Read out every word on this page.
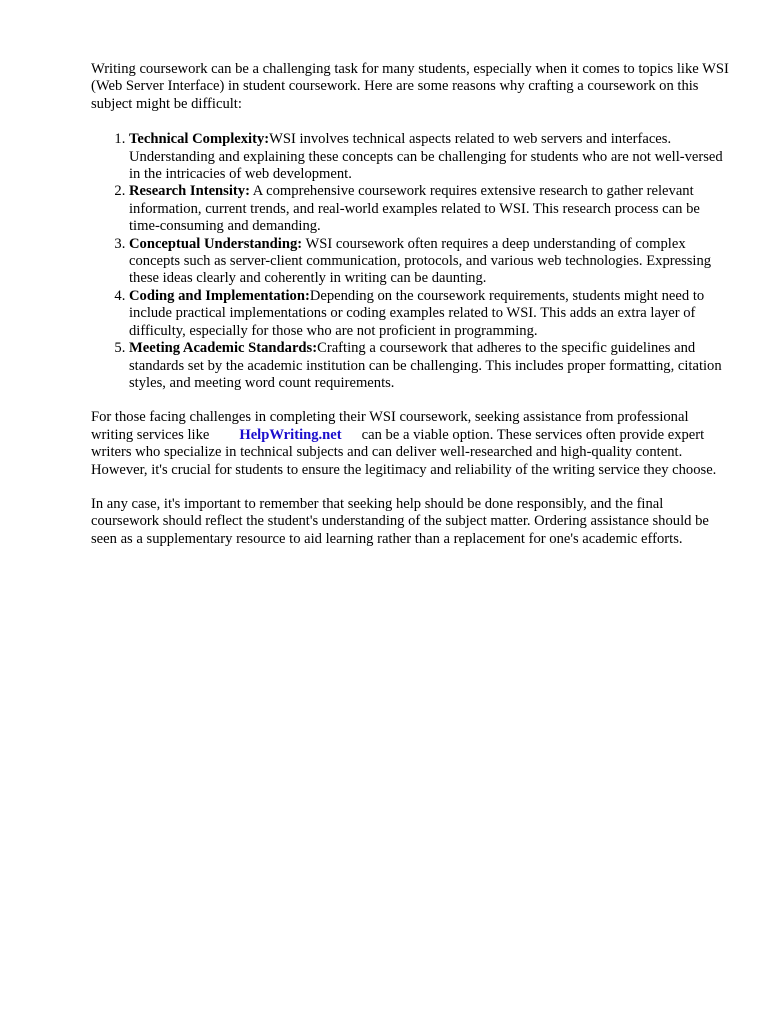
Writing coursework can be a challenging task for many students, especially when it comes to topics like WSI (Web Server Interface) in student coursework. Here are some reasons why crafting a coursework on this subject might be difficult:

1. Technical Complexity:WSI involves technical aspects related to web servers and interfaces. Understanding and explaining these concepts can be challenging for students who are not well-versed in the intricacies of web development.
2. Research Intensity: A comprehensive coursework requires extensive research to gather relevant information, current trends, and real-world examples related to WSI. This research process can be time-consuming and demanding.
3. Conceptual Understanding: WSI coursework often requires a deep understanding of complex concepts such as server-client communication, protocols, and various web technologies. Expressing these ideas clearly and coherently in writing can be daunting.
4. Coding and Implementation:Depending on the coursework requirements, students might need to include practical implementations or coding examples related to WSI. This adds an extra layer of difficulty, especially for those who are not proficient in programming.
5. Meeting Academic Standards:Crafting a coursework that adheres to the specific guidelines and standards set by the academic institution can be challenging. This includes proper formatting, citation styles, and meeting word count requirements.

For those facing challenges in completing their WSI coursework, seeking assistance from professional writing services like HelpWriting.net can be a viable option. These services often provide expert writers who specialize in technical subjects and can deliver well-researched and high-quality content. However, it's crucial for students to ensure the legitimacy and reliability of the writing service they choose.

In any case, it's important to remember that seeking help should be done responsibly, and the final coursework should reflect the student's understanding of the subject matter. Ordering assistance should be seen as a supplementary resource to aid learning rather than a replacement for one's academic efforts.
